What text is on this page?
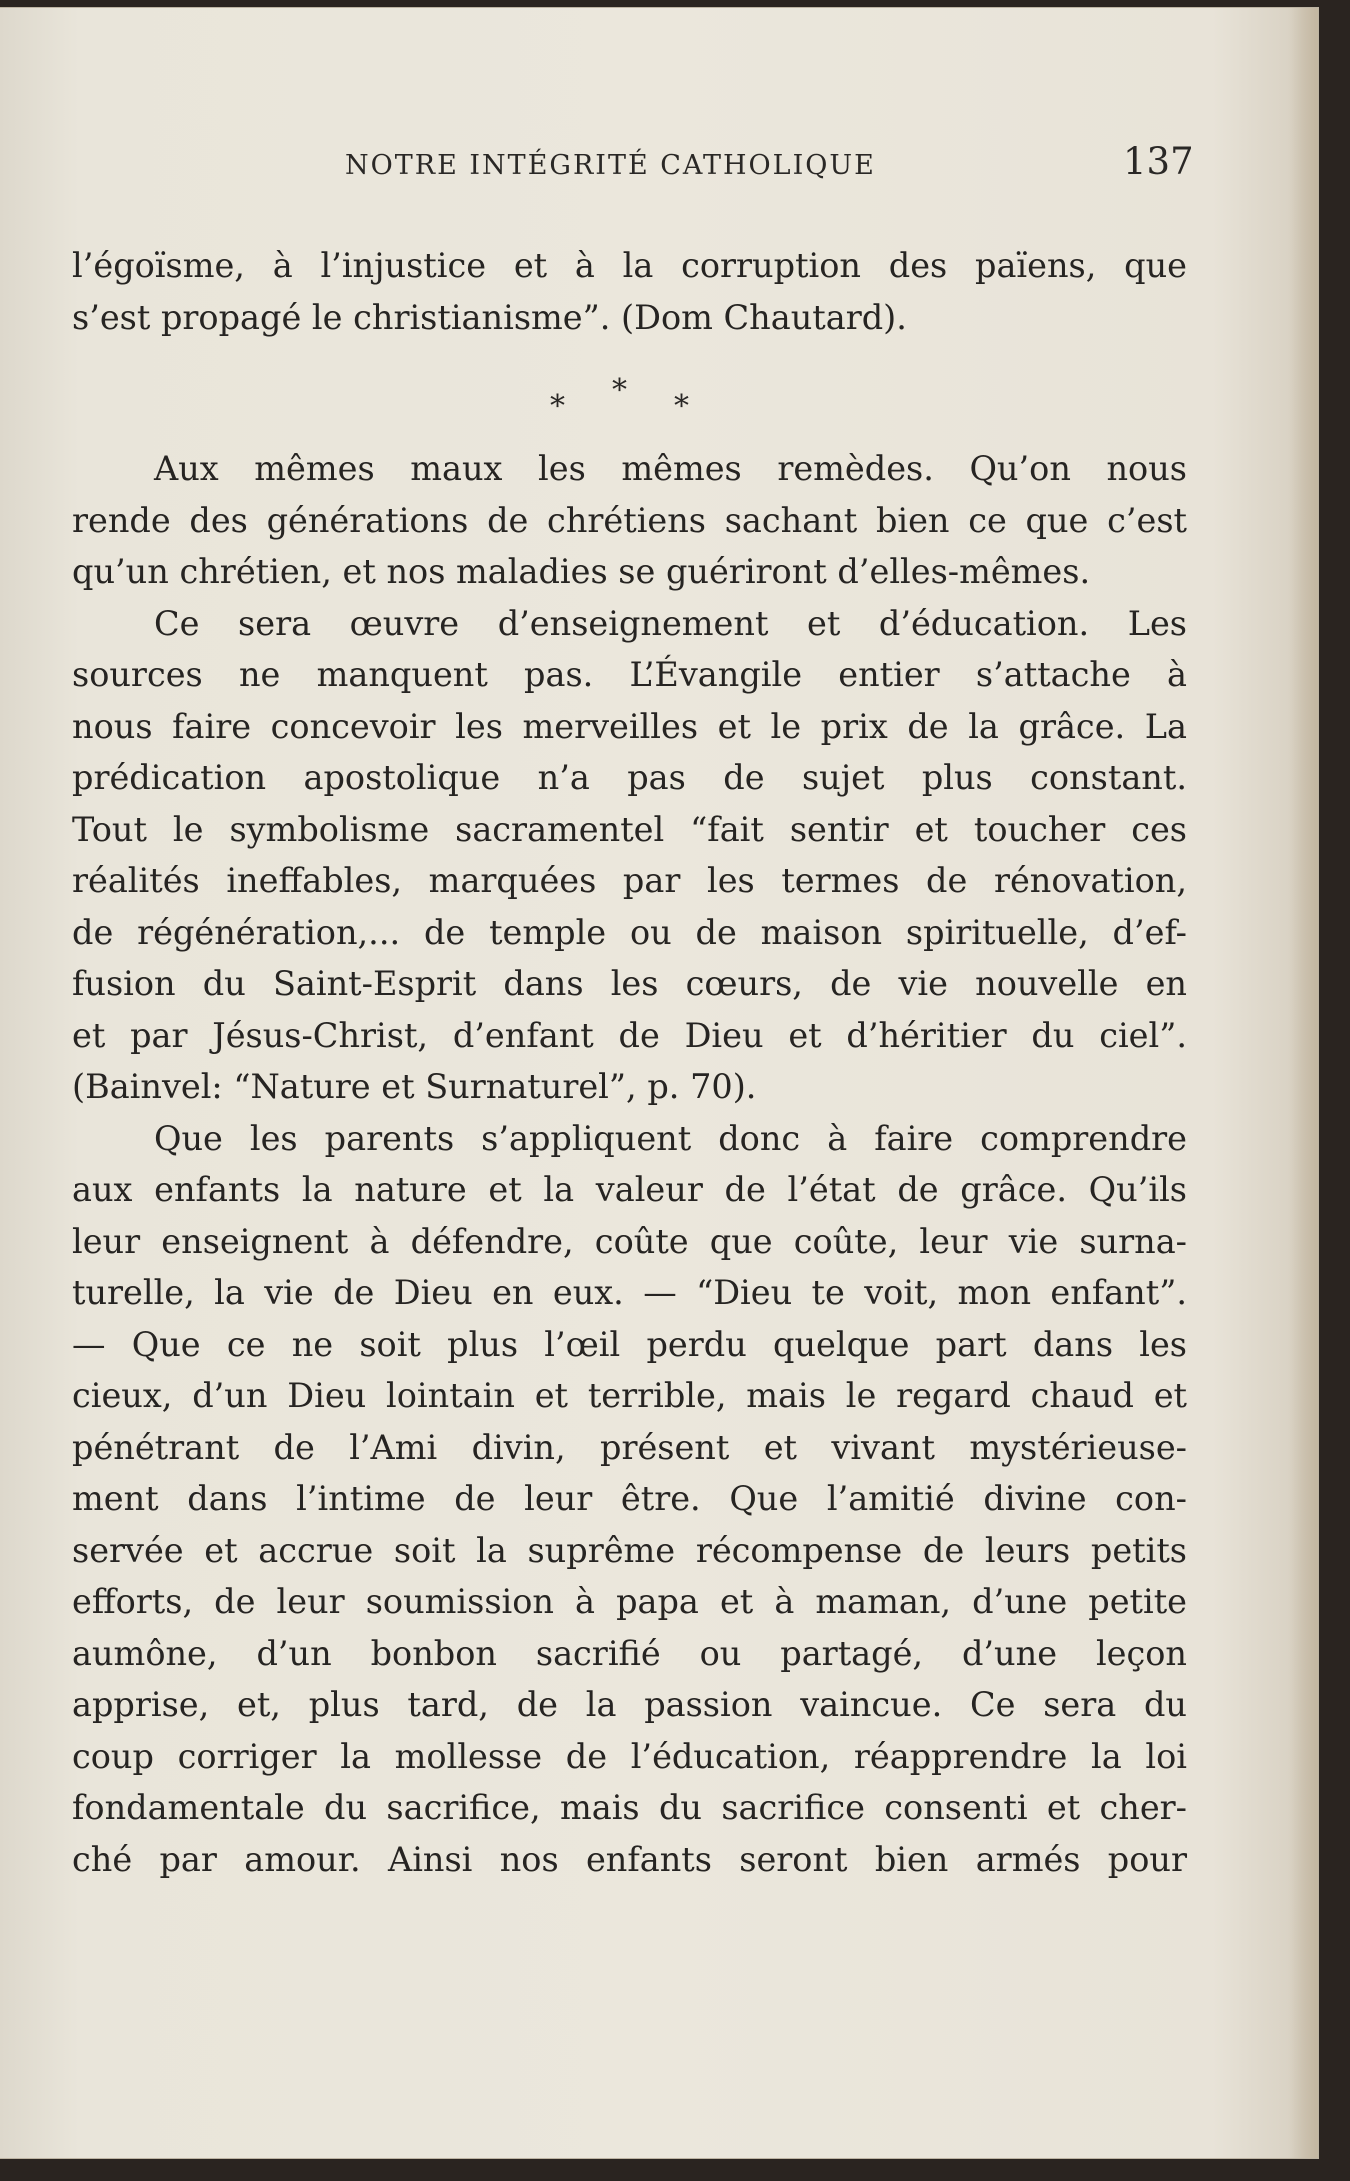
NOTRE INTÉGRITÉ CATHOLIQUE	137
l’égoïsme, à l’injustice et à la corruption des païens, que
s’est propagé le christianisme”. (Dom Chautard).
* * *
Aux mêmes maux les mêmes remèdes. Qu’on nous
rende des générations de chrétiens sachant bien ce que c’est
qu’un chrétien, et nos maladies se guériront d’elles-mêmes.
Ce sera œuvre d’enseignement et d’éducation. Les
sources ne manquent pas. L’Évangile entier s’attache à
nous faire concevoir les merveilles et le prix de la grâce. La
prédication apostolique n’a pas de sujet plus constant.
Tout le symbolisme sacramentel “fait sentir et toucher ces
réalités ineffables, marquées par les termes de rénovation,
de régénération,... de temple ou de maison spirituelle, d’ef-
fusion du Saint-Esprit dans les cœurs, de vie nouvelle en
et par Jésus-Christ, d’enfant de Dieu et d’héritier du ciel”.
(Bainvel: “Nature et Surnaturel”, p. 70).
Que les parents s’appliquent donc à faire comprendre
aux enfants la nature et la valeur de l’état de grâce. Qu’ils
leur enseignent à défendre, coûte que coûte, leur vie surna-
turelle, la vie de Dieu en eux. — “Dieu te voit, mon enfant”.
— Que ce ne soit plus l’œil perdu quelque part dans les
cieux, d’un Dieu lointain et terrible, mais le regard chaud et
pénétrant de l’Ami divin, présent et vivant mystérieuse-
ment dans l’intime de leur être. Que l’amitié divine con-
servée et accrue soit la suprême récompense de leurs petits
efforts, de leur soumission à papa et à maman, d’une petite
aumône, d’un bonbon sacrifié ou partagé, d’une leçon
apprise, et, plus tard, de la passion vaincue. Ce sera du
coup corriger la mollesse de l’éducation, réapprendre la loi
fondamentale du sacrifice, mais du sacrifice consenti et cher-
ché par amour. Ainsi nos enfants seront bien armés pour
